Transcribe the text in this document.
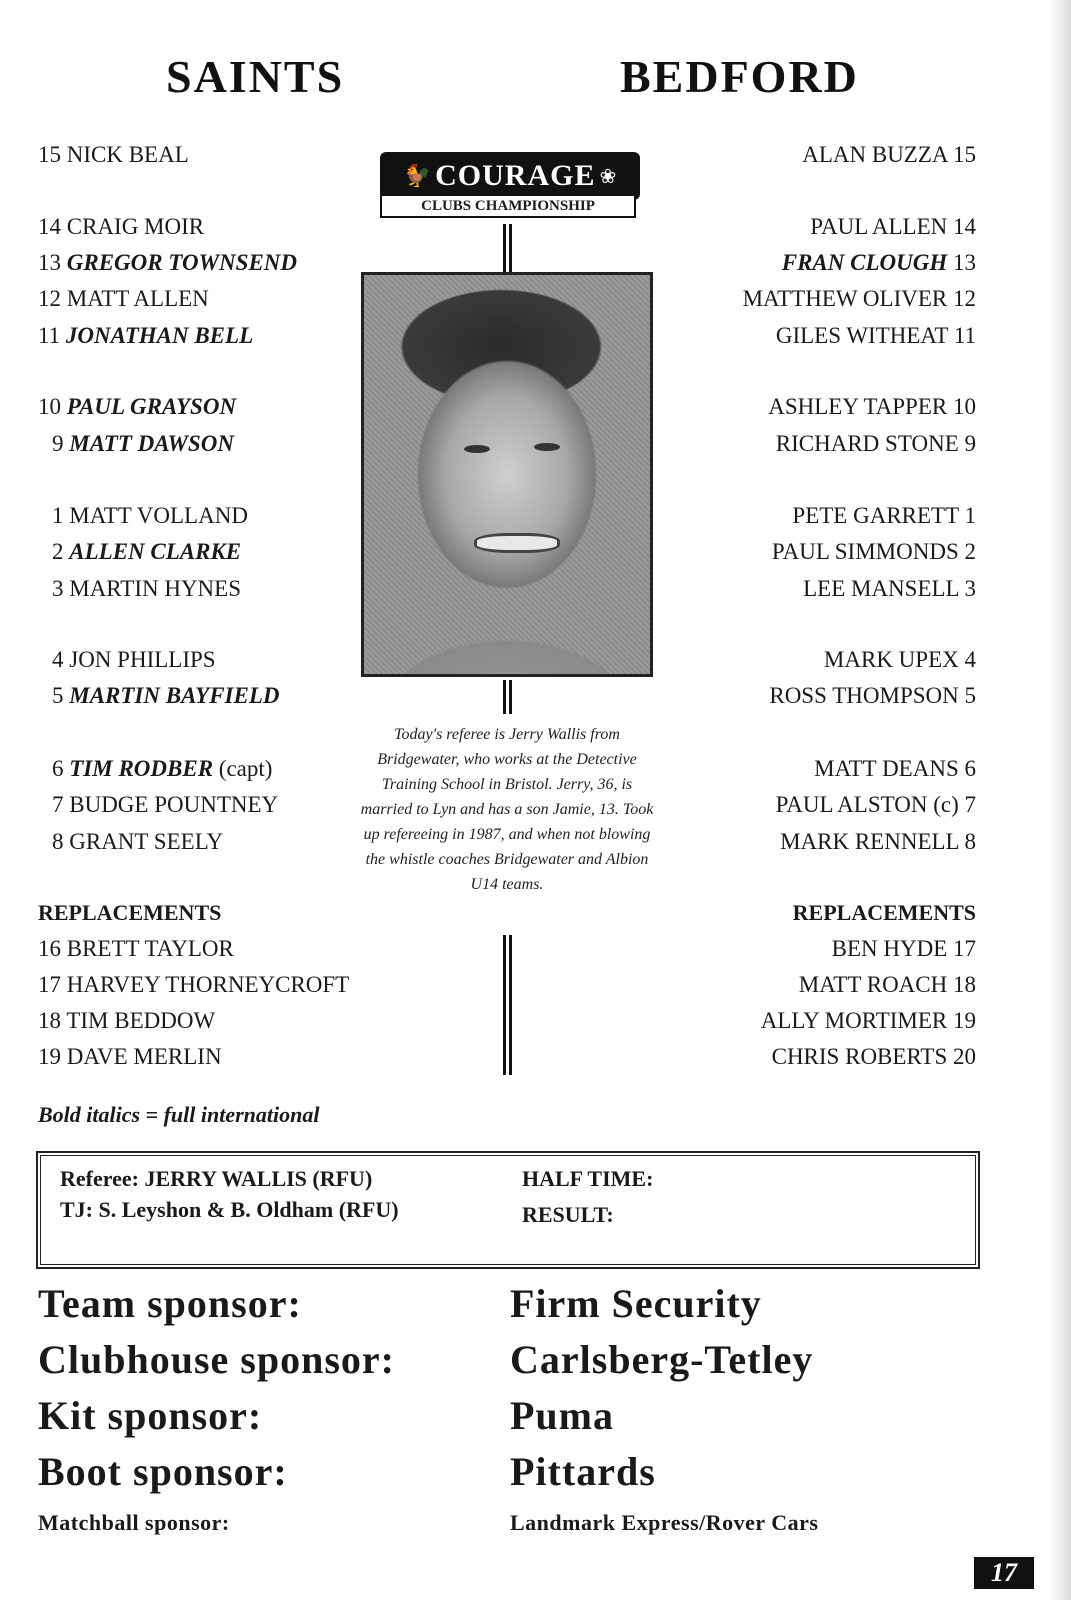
SAINTS	BEDFORD
15 NICK BEAL
14 CRAIG MOIR
13 GREGOR TOWNSEND
12 MATT ALLEN
11 JONATHAN BELL
10 PAUL GRAYSON
9 MATT DAWSON
1 MATT VOLLAND
2 ALLEN CLARKE
3 MARTIN HYNES
4 JON PHILLIPS
5 MARTIN BAYFIELD
6 TIM RODBER (capt)
7 BUDGE POUNTNEY
8 GRANT SEELY
REPLACEMENTS
16 BRETT TAYLOR
17 HARVEY THORNEYCROFT
18 TIM BEDDOW
19 DAVE MERLIN
ALAN BUZZA 15
PAUL ALLEN 14
FRAN CLOUGH 13
MATTHEW OLIVER 12
GILES WITHEAT 11
ASHLEY TAPPER 10
RICHARD STONE 9
PETE GARRETT 1
PAUL SIMMONDS 2
LEE MANSELL 3
MARK UPEX 4
ROSS THOMPSON 5
MATT DEANS 6
PAUL ALSTON (c) 7
MARK RENNELL 8
REPLACEMENTS
BEN HYDE 17
MATT ROACH 18
ALLY MORTIMER 19
CHRIS ROBERTS 20
Bold italics = full international
🐓 COURAGE ❀
CLUBS CHAMPIONSHIP
Today's referee is Jerry Wallis from Bridgewater, who works at the Detective Training School in Bristol. Jerry, 36, is married to Lyn and has a son Jamie, 13. Took up refereeing in 1987, and when not blowing the whistle coaches Bridgewater and Albion U14 teams.
Referee: JERRY WALLIS (RFU)
TJ: S. Leyshon & B. Oldham (RFU)
HALF TIME:
RESULT:
Team sponsor:	Firm Security
Clubhouse sponsor:	Carlsberg-Tetley
Kit sponsor:	Puma
Boot sponsor:	Pittards
Matchball sponsor:	Landmark Express/Rover Cars
17
